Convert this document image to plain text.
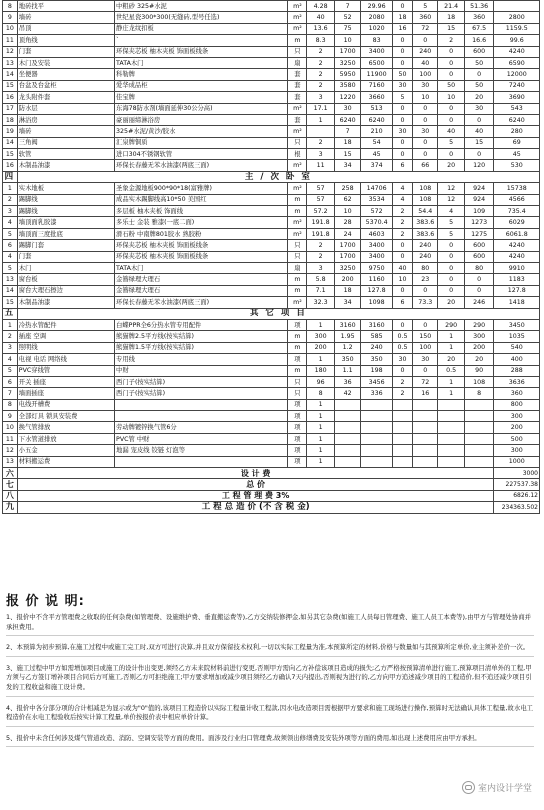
8	地砖找平	中粗砂 325#水泥	m²	4.28	7	29.96	0	5	21.4	51.36	
9	墙砖	世纪星瓷300*300(无缝砖,型号任选)	m²	40	52	2080	18	360	18	360	2800
10	吊顶	静庄龙纹扣板	m²	13.6	75	1020	16	72	15	67.5	1159.5
11	顶角线	`	m	8.3	10	83	0	0	2	16.6	99.6
12	门套	环保夹芯板 柚木夹板 饰面板线条	只	2	1700	3400	0	240	0	600	4240
13	木门及安装	TATA木门	扇	2	3250	6500	0	40	0	50	6590
14	坐便器	科勒牌	套	2	5950	11900	50	100	0	0	12000
15	台盆及台盆柜	爱华成品柜	套	2	3580	7160	30	30	50	50	7240
16	龙头附件套	佳宝牌	套	3	1220	3660	5	10	10	20	3690
17	防水层	东海78防水剂(墙面延伸30公分高)	m²	17.1	30	513	0	0	0	30	543
18	淋浴房	豪丽丽缔淋浴房	套	1	6240	6240	0	0	0	0	6240
19	墙砖	325#水泥/黄沙/胶水	m²		7	210	30	30	40	40	280
14	三角阀	汇泉牌铜质	只	2	18	54	0	0	5	15	69
15	软管	进口304不锈钢软管	根	3	15	45	0	0	0	0	45
16	木制品油漆	环保长春藤无苯水油漆(两底三面)	m²	11	34	374	6	66	20	120	530
四	主 / 次 卧 室										
1	实木地板	圣象金源地板900*90*18(富雅牌)	m²	57	258	14706	4	108	12	924	15738
2	踢脚线	成品实木踢脚线高10*50 美国红	m	57	62	3534	4	108	12	924	4566
3	踢脚线	多层板 柚木夹板 饰面线	m	57.2	10	572	2	54.4	4	109	735.4
4	墙顶面乳胶漆	多乐士 金装 雅漆(一底二面)	m²	191.8	28	5370.4	2	383.6	5	1273	6029
5	墙顶面三度批底	滑石粉 中南牌801胶水 熟胶粉	m²	191.8	24	4603	2	383.6	5	1275	6061.8
6	踢脚门套	环保夹芯板 柚木夹板 饰面板线条	只	2	1700	3400	0	240	0	600	4240
4	门套	环保夹芯板 柚木夹板 饰面板线条	只	2	1700	3400	0	240	0	600	4240
5	木门	TATA木门	扇	3	3250	9750	40	80	0	80	9910
13	窗台板	金簪绿理大理石	m	5.8	200	1160	10	23	0	0	1183
14	窗台大理石擦边	金簪绿理大理石	m	7.1	18	127.8	0	0	0	0	127.8
15	木制品油漆	环保长春藤无苯水油漆(两底三面)	m²	32.3	34	1098	6	73.3	20	246	1418
五	其 它 项 目										
1	冷热水管配件	白蝶PPR全6分热水管专用配件	项	1	3160	3160	0	0	290	290	3450
2	插座 空调	熊猫牌2.5平方线(按实结算)	m	300	1.95	585	0.5	150	1	300	1035
3	照明线	熊猫牌1.5平方线(按实结算)	m	200	1.2	240	0.5	100	1	200	540
4	电视 电话 网络线	专用线	项	1	350	350	30	30	20	20	400
5	PVC穿线管	中财	m	180	1.1	198	0	0	0.5	90	288
6	开关 插座	西门子(按实结算)	只	96	36	3456	2	72	1	108	3636
7	墙面插座	西门子(按实结算)	只	8	42	336	2	16	1	8	360
8	电线开槽费		项	1							800
9	全部灯具 锁具安装费		项	1							300
10	换气管排放	劳动牌镀锌换气管6分	项	1							200
11	下水管道排放	PVC管 中财	项	1							500
12	小五金	地漏 宠皮线 铰链 灯泡等	项	1							300
13	材料搬运费		项	1							1000
六	设 计 费										3000
七	总 价										227537.38
八	工 程 管 理 费 3%										6826.12
九	工 程 总 造 价 (不 含 税 金)										234363.502
报 价 说 明:
1、报价中不含平方管理费之收取的任何杂费(如管理费、设施维护费、垂直搬运费等),乙方交纳装修押金,如另其它杂费(如施工人员每日管理费、施工人员工本费等),由甲方与管理处协商并承担费用。
2、本预算为初步预算,在施工过程中或施工完工时,双方可进行决算,并且双方保留技术权利,一切以实际工程量为准,本预算所定的材料,价格与数量如与其预算所定单价,业主须补差价一次。
3、施工过程中甲方如需增加项目或施工的设计作出变更,须经乙方未来院材料前进行变更,否则甲方需向乙方补偿该项目造成的损失;乙方严格按预算清单进行施工,预算项目清单外的工程,甲方须与乙方签订增补项目合同后方可施工,否则乙方可拒绝施工;甲方要求增加或减少项目须经乙方确认7天内提出,否则视为进行的,乙方向甲方追述减少项目的工程造价,但不追还减少项目引发的工程收益和施工设计费。
4、报价中各分部分项的合计相减是为显示或为"0"值的,该项目工程造价以实际工程量计收工程款,因水电改造项目需根据甲方要求和施工现场进行操作,预算时无法确认具体工程量,故水电工程造价在水电工程验收后按实计算工程量,单价按报价表中相应单价计算。
5、报价中未含任何涉及煤气管道改造、消防、空调安装等方面的费用。面涉及行业归口管理费,故须领出修缮费及安装外项等方面的费用,如出现上述费用应由甲方承担。
室内设计学堂
